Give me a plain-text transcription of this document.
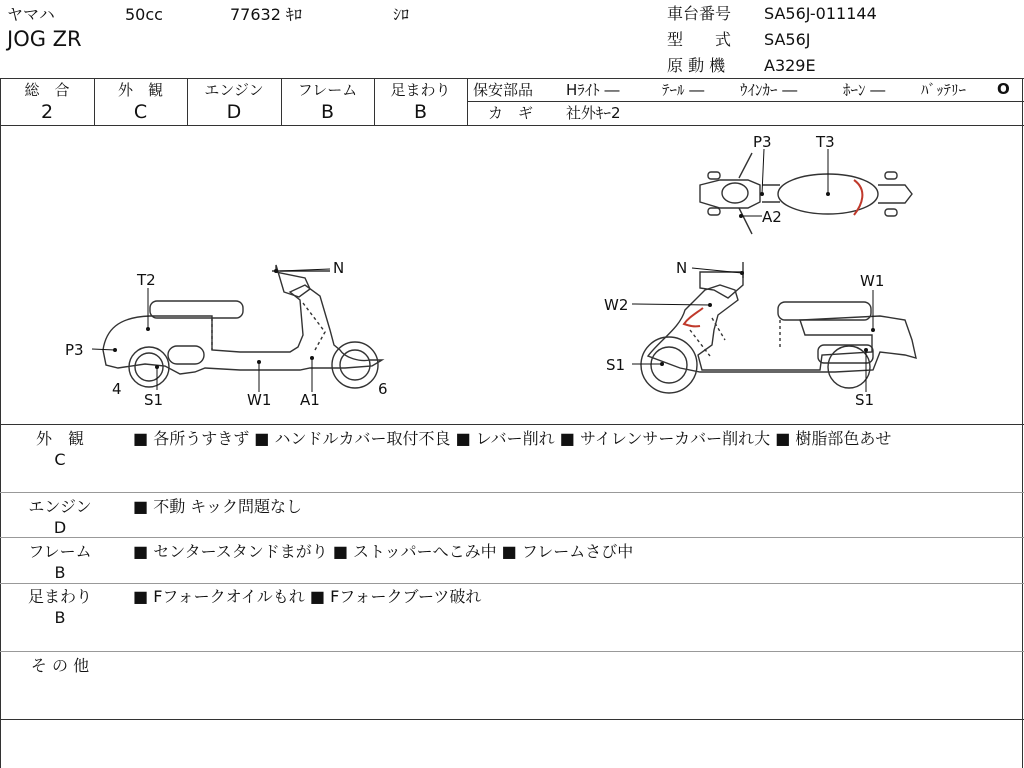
ヤマハ	50cc	77632 ｷﾛ	ｼﾛ
JOG ZR
車台番号 SA56J-011144
型　　式 SA56J
原 動 機 A329E
総　合
2
外　観
C
エンジン
D
フレーム
B
足まわり
B
保安部品 Hﾗｲﾄ ―	ﾃｰﾙ ― ｳｲﾝｶｰ ―	ﾎｰﾝ ― ﾊﾞｯﾃﾘｰ O
カ　ギ 社外ｷｰ2
T2
N
P3
4
S1	W1 A1
6
N
W1
W2
S1
S1
P3	T3
A2
外　観
C
■ 各所うすきず ■ ハンドルカバー取付不良 ■ レバー削れ ■ サイレンサーカバー削れ大 ■ 樹脂部色あせ
エンジン
D
■ 不動 キック問題なし
フレーム
B
■ センタースタンドまがり ■ ストッパーへこみ中 ■ フレームさび中
足まわり
B
■ Fフォークオイルもれ ■ Fフォークブーツ破れ
そ の 他
